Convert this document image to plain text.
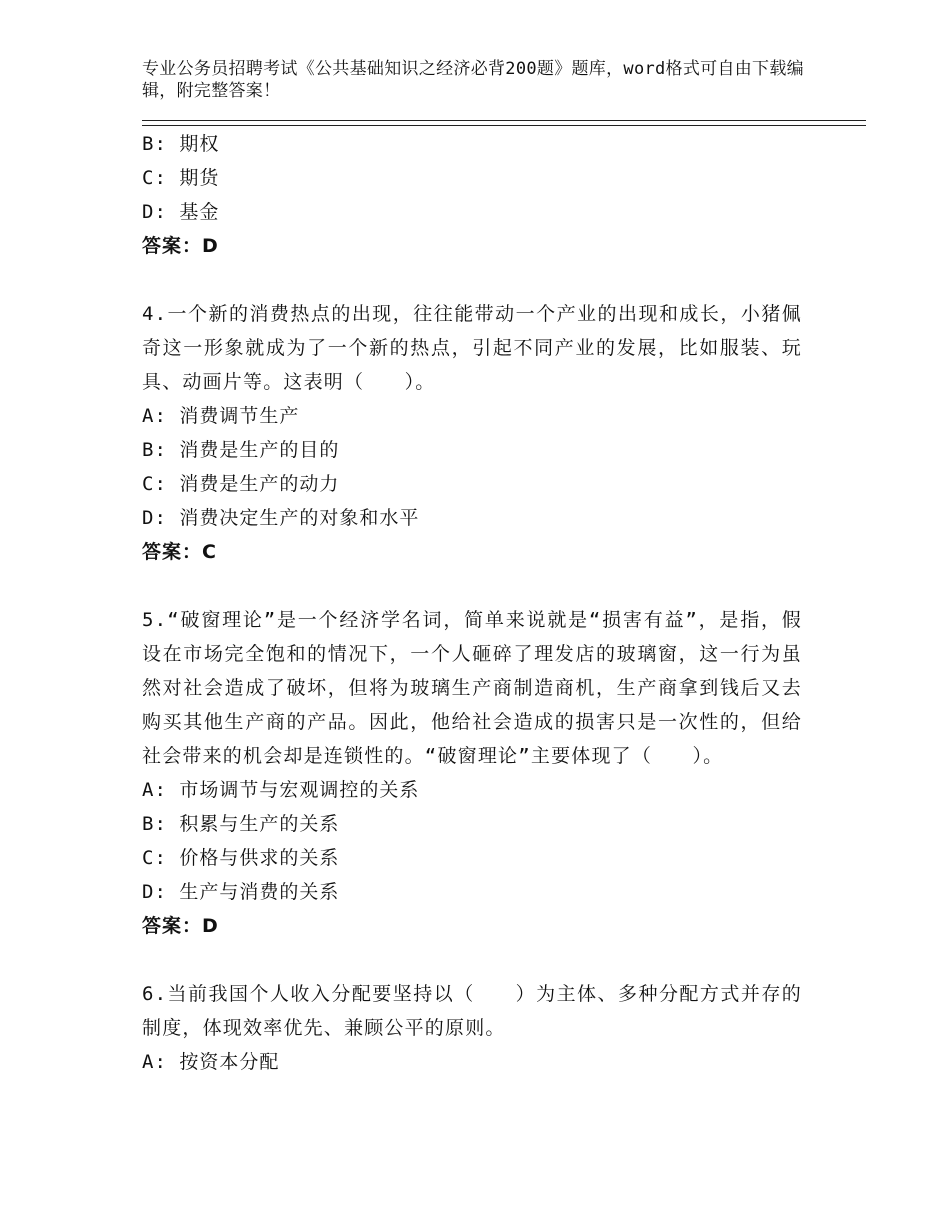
专业公务员招聘考试《公共基础知识之经济必背200题》题库，word格式可自由下载编辑，附完整答案！

B: 期权

C: 期货

D: 基金

答案：D

4.一个新的消费热点的出现，往往能带动一个产业的出现和成长，小猪佩奇这一形象就成为了一个新的热点，引起不同产业的发展，比如服装、玩具、动画片等。这表明（　　）。

A: 消费调节生产

B: 消费是生产的目的

C: 消费是生产的动力

D: 消费决定生产的对象和水平

答案：C

5.“破窗理论”是一个经济学名词，简单来说就是“损害有益”，是指，假设在市场完全饱和的情况下，一个人砸碎了理发店的玻璃窗，这一行为虽然对社会造成了破坏，但将为玻璃生产商制造商机，生产商拿到钱后又去购买其他生产商的产品。因此，他给社会造成的损害只是一次性的，但给社会带来的机会却是连锁性的。“破窗理论”主要体现了（　　）。

A: 市场调节与宏观调控的关系

B: 积累与生产的关系

C: 价格与供求的关系

D: 生产与消费的关系

答案：D

6.当前我国个人收入分配要坚持以（　　）为主体、多种分配方式并存的制度，体现效率优先、兼顾公平的原则。

A: 按资本分配
